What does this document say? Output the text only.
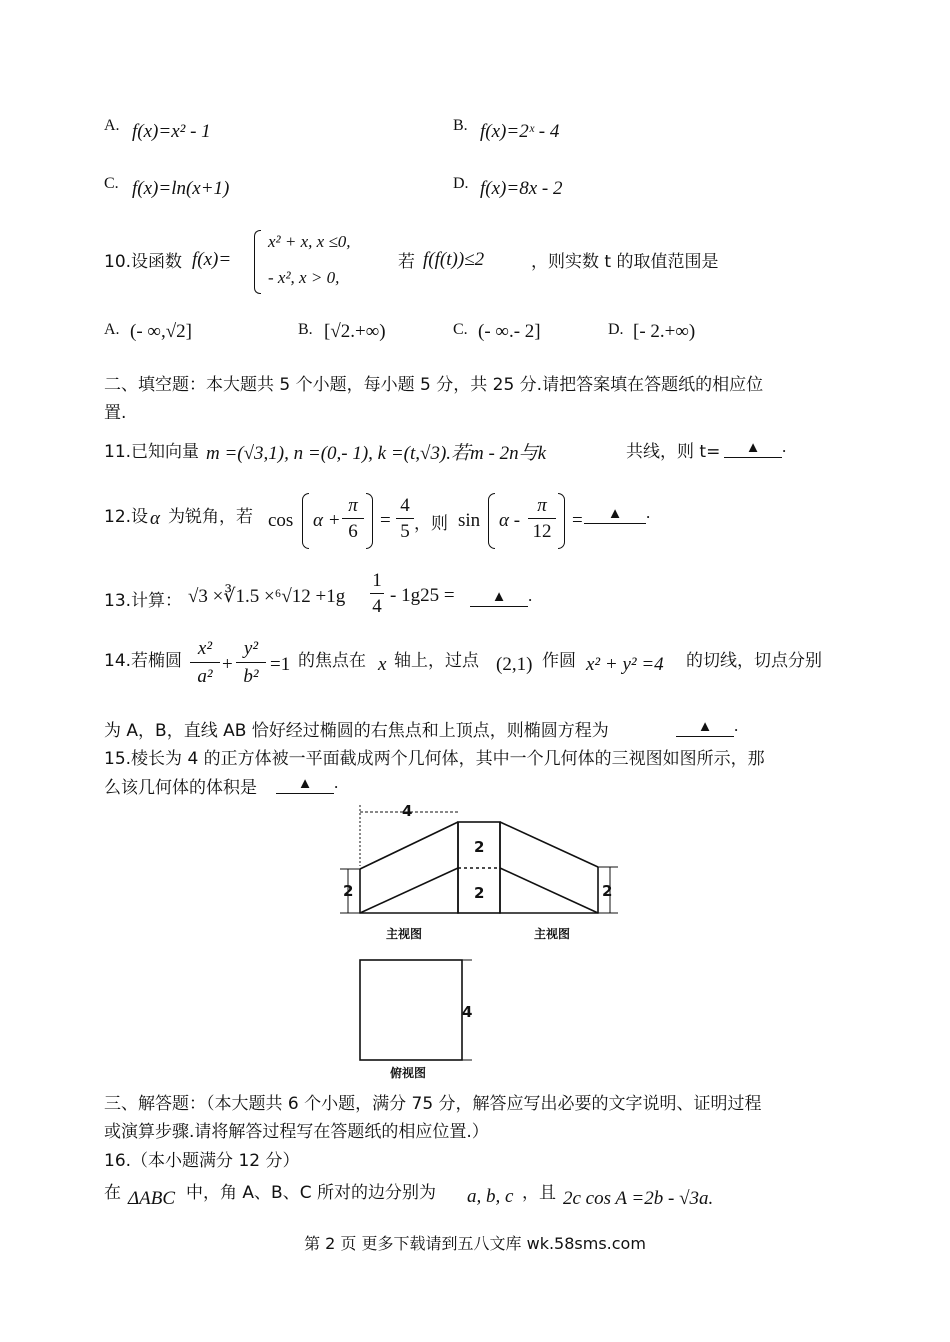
A. f(x)=x² - 1	B. f(x)=2ˣ - 4
C. f(x)=ln(x+1)	D. f(x)=8x - 2
10.设函数 f(x)=
x² + x, x ≤0,
- x², x > 0,
若 f(f(t))≤2	，则实数 t 的取值范围是
A. (- ∞,√2]	B. [√2.+∞)	C. (- ∞.- 2]	D. [- 2.+∞)
二、填空题：本大题共 5 个小题，每小题 5 分，共 25 分.请把答案填在答题纸的相应位
置.
11.已知向量 m =(√3,1), n =(0,- 1), k =(t,√3).若m - 2n与k	共线，则 t=	▲ .
12.设 α 为锐角，若 cos α +
π
6
=
4
5 ，则 sin α -
π
12
=	▲ .
13.计算： √3 ×∛1.5 ×⁶√12 +1g
1
4
- 1g25 =	▲ .
14.若椭圆
x²
a²
+
y²
b²
=1 的焦点在 x 轴上，过点 (2,1) 作圆 x² + y² =4 的切线，切点分别
为 A，B，直线 AB 恰好经过椭圆的右焦点和上顶点，则椭圆方程为	▲ .
15.棱长为 4 的正方体被一平面截成两个几何体，其中一个几何体的三视图如图所示，那
么该几何体的体积是	▲ .
4
2
2
2	2
4
主视图	主视图
俯视图
三、解答题：（本大题共 6 个小题，满分 75 分，解答应写出必要的文字说明、证明过程
或演算步骤.请将解答过程写在答题纸的相应位置.）
16.（本小题满分 12 分）
在 ΔABC 中，角 A、B、C 所对的边分别为 a, b, c ，且 2c cos A =2b - √3a.
第 2 页 更多下载请到五八文库 wk.58sms.com
